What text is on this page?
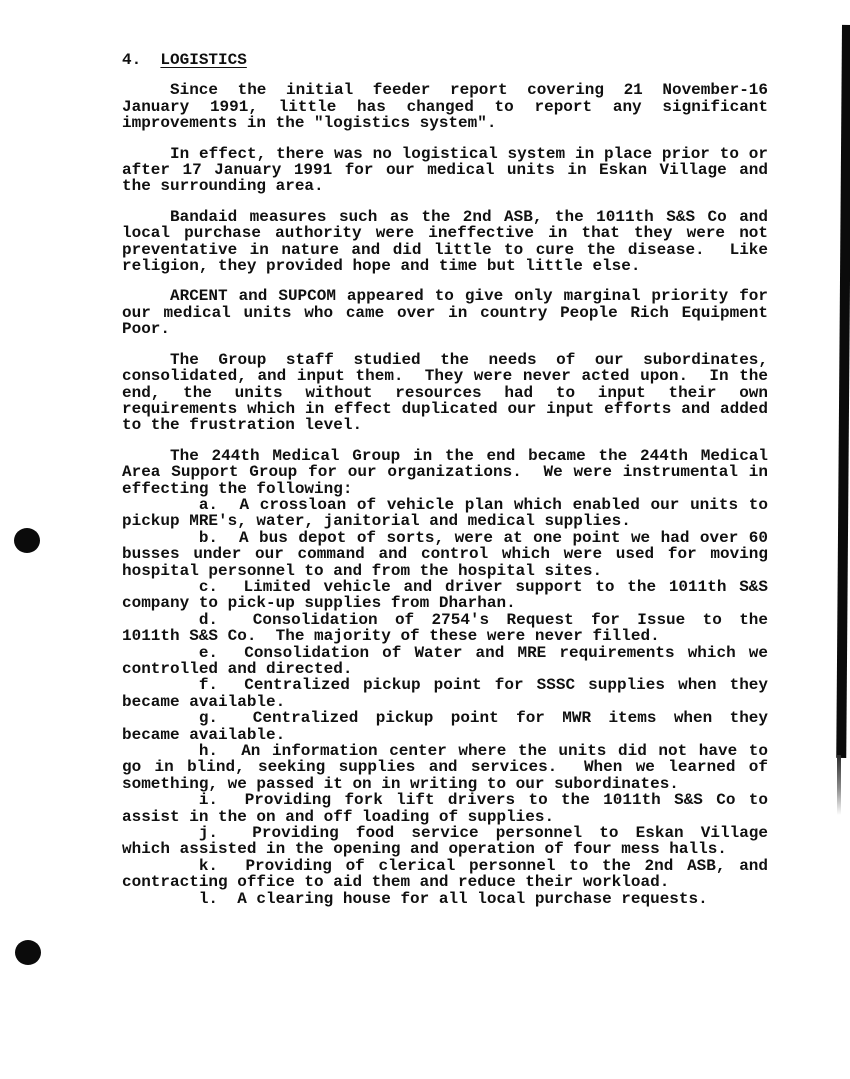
4. LOGISTICS
Since the initial feeder report covering 21 November-16
January 1991, little has changed to report any significant
improvements in the "logistics system".
In effect, there was no logistical system in place prior to or
after 17 January 1991 for our medical units in Eskan Village and
the surrounding area.
Bandaid measures such as the 2nd ASB, the 1011th S&S Co and
local purchase authority were ineffective in that they were not
preventative in nature and did little to cure the disease.  Like
religion, they provided hope and time but little else.
ARCENT and SUPCOM appeared to give only marginal priority for
our medical units who came over in country People Rich Equipment
Poor.
The Group staff studied the needs of our subordinates,
consolidated, and input them.  They were never acted upon.  In the
end, the units without resources had to input their own
requirements which in effect duplicated our input efforts and added
to the frustration level.
The 244th Medical Group in the end became the 244th Medical
Area Support Group for our organizations.  We were instrumental in
effecting the following:
a.  A crossloan of vehicle plan which enabled our units to
pickup MRE's, water, janitorial and medical supplies.
b.  A bus depot of sorts, were at one point we had over 60
busses under our command and control which were used for moving
hospital personnel to and from the hospital sites.
c.  Limited vehicle and driver support to the 1011th S&S
company to pick-up supplies from Dharhan.
d.  Consolidation of 2754's Request for Issue to the
1011th S&S Co.  The majority of these were never filled.
e.  Consolidation of Water and MRE requirements which we
controlled and directed.
f.  Centralized pickup point for SSSC supplies when they
became available.
g.  Centralized pickup point for MWR items when they
became available.
h.  An information center where the units did not have to
go in blind, seeking supplies and services.  When we learned of
something, we passed it on in writing to our subordinates.
i.  Providing fork lift drivers to the 1011th S&S Co to
assist in the on and off loading of supplies.
j.  Providing food service personnel to Eskan Village
which assisted in the opening and operation of four mess halls.
k.  Providing of clerical personnel to the 2nd ASB, and
contracting office to aid them and reduce their workload.
l.  A clearing house for all local purchase requests.
